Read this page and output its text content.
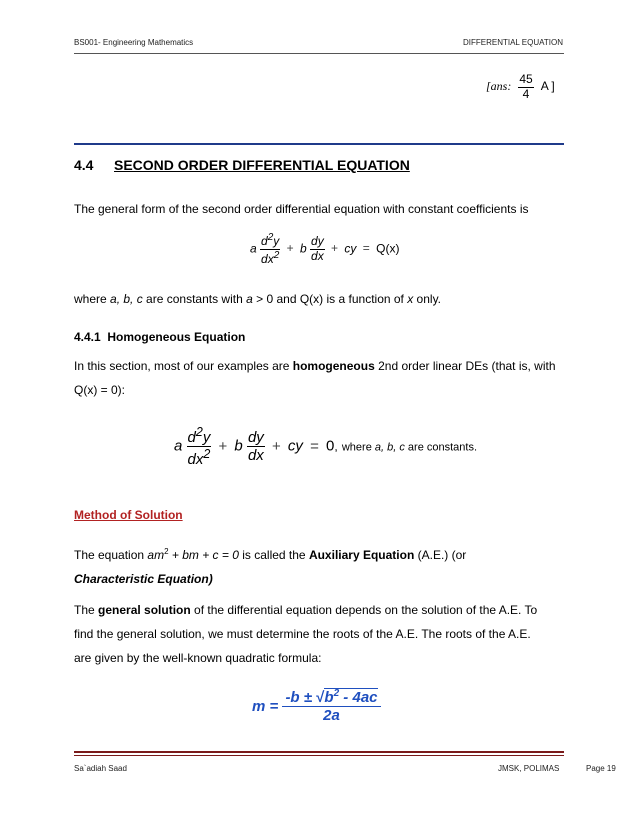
BS001- Engineering Mathematics	DIFFERENTIAL EQUATION
[ans: $\frac{45}{4}$ A ]
4.4 SECOND ORDER DIFFERENTIAL EQUATION
The general form of the second order differential equation with constant coefficients is
a $\frac{d^2y}{dx^2} + b \frac{dy}{dx}$ + cy = Q(x)
where a, b, c are constants with a > 0 and Q(x) is a function of x only.
4.4.1 Homogeneous Equation
In this section, most of our examples are homogeneous 2nd order linear DEs (that is, with
Q(x) = 0):
a $\frac{d^2y}{dx^2} + b \frac{dy}{dx}$ + cy = 0, where a, b, c are constants.
Method of Solution
The equation $am^2$ + bm + c = 0 is called the Auxiliary Equation (A.E.) (or
Characteristic Equation)
The general solution of the differential equation depends on the solution of the A.E. To
find the general solution, we must determine the roots of the A.E. The roots of the A.E.
are given by the well-known quadratic formula:
$m = \frac{-b \pm √b^2 - 4ac}{2a}$
Sa`adiah Saad	JMSK, POLIMAS	Page 19
